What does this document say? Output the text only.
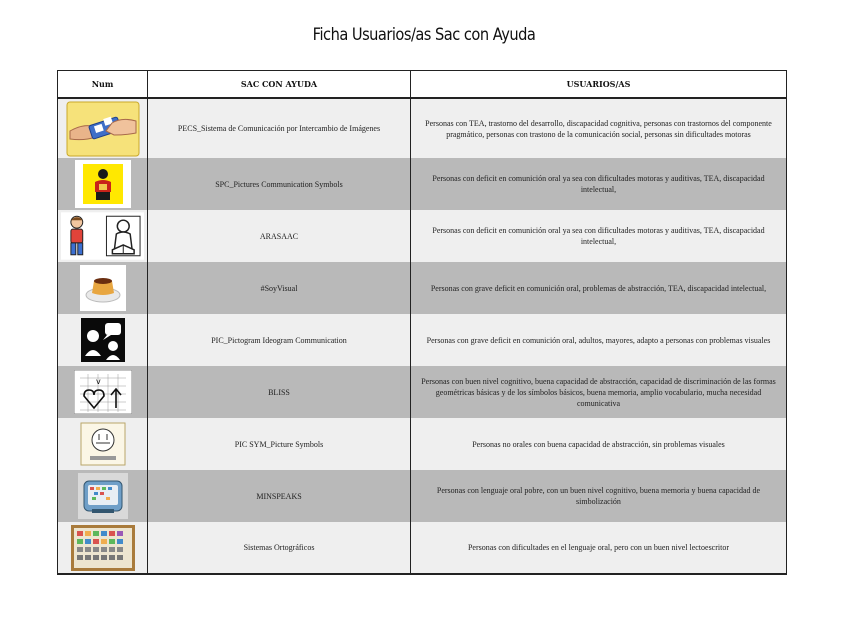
Ficha Usuarios/as Sac con Ayuda
Num	SAC CON AYUDA	USUARIOS/AS

	PECS_Sistema de Comunicación por Intercambio de Imágenes	Personas con TEA, trastorno del desarrollo, discapacidad cognitiva, personas con trastornos del componente pragmático, personas con trastono de la comunicación social, personas sin dificultades motoras

	SPC_Pictures Communication Symbols	Personas con deficit en comunición oral ya sea con dificultades motoras y auditivas, TEA, discapacidad intelectual,

	ARASAAC	Personas con deficit en comunición oral ya sea con dificultades motoras y auditivas, TEA, discapacidad intelectual,

	#SoyVisual	Personas con grave deficit en comunición oral, problemas de abstracción, TEA, discapacidad intelectual,

	PIC_Pictogram Ideogram Communication	Personas con grave deficit en comunición oral, adultos, mayores, adapto a personas con problemas visuales

v	BLISS	Personas con buen nivel cognitivo, buena capacidad de abstracción, capacidad de discriminación de las formas geométricas básicas y de los símbolos básicos, buena memoria, amplio vocabulario, mucha necesidad comunicativa

	PIC SYM_Picture Symbols	Personas no orales con buena capacidad de abstracción, sin problemas visuales

	MINSPEAKS	Personas con lenguaje oral pobre, con un buen nivel cognitivo, buena memoria y buena capacidad de simbolización

	Sistemas Ortográficos	Personas con dificultades en el lenguaje oral, pero con un buen nivel lectoescritor
